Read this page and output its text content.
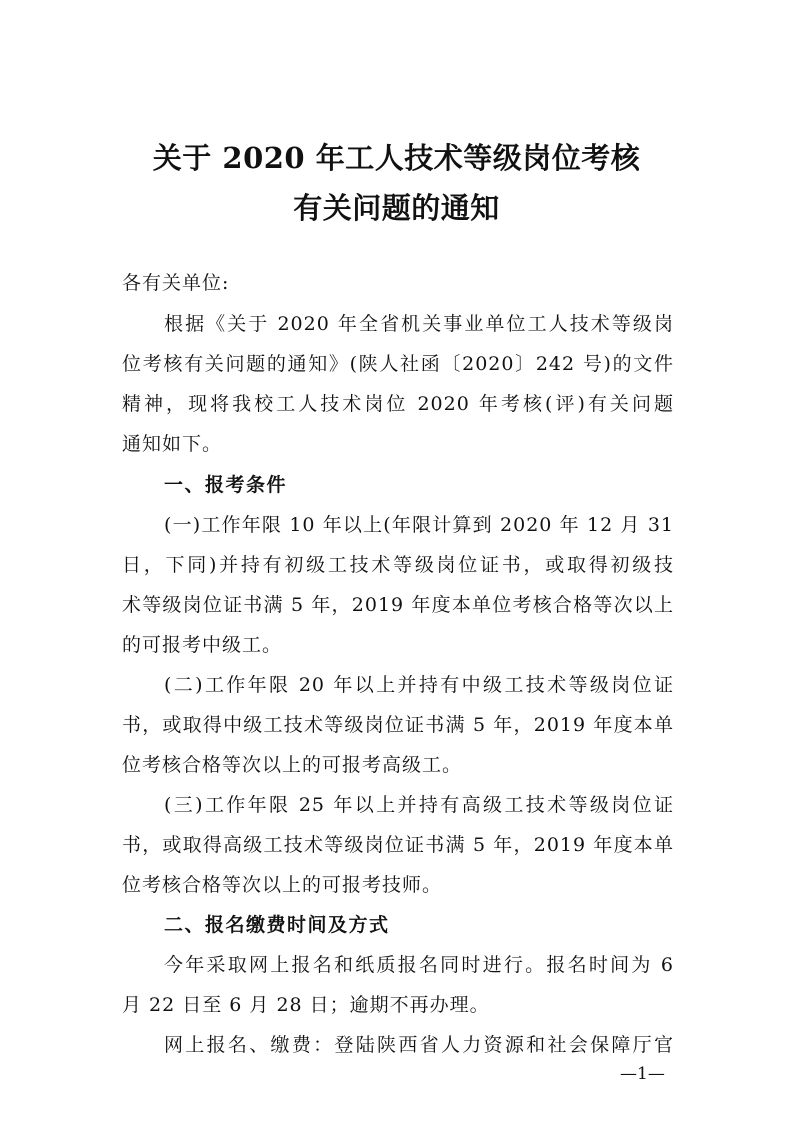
关于 2020 年工人技术等级岗位考核
有关问题的通知
各有关单位:
根据《关于 2020 年全省机关事业单位工人技术等级岗
位考核有关问题的通知》(陕人社函〔2020〕242 号)的文件
精神，现将我校工人技术岗位 2020 年考核(评)有关问题
通知如下。
一、报考条件
(一)工作年限 10 年以上(年限计算到 2020 年 12 月 31
日，下同)并持有初级工技术等级岗位证书，或取得初级技
术等级岗位证书满 5 年，2019 年度本单位考核合格等次以上
的可报考中级工。
(二)工作年限 20 年以上并持有中级工技术等级岗位证
书，或取得中级工技术等级岗位证书满 5 年，2019 年度本单
位考核合格等次以上的可报考高级工。
(三)工作年限 25 年以上并持有高级工技术等级岗位证
书，或取得高级工技术等级岗位证书满 5 年，2019 年度本单
位考核合格等次以上的可报考技师。
二、报名缴费时间及方式
今年采取网上报名和纸质报名同时进行。报名时间为 6
月 22 日至 6 月 28 日；逾期不再办理。
网上报名、缴费：登陆陕西省人力资源和社会保障厅官
—1—
